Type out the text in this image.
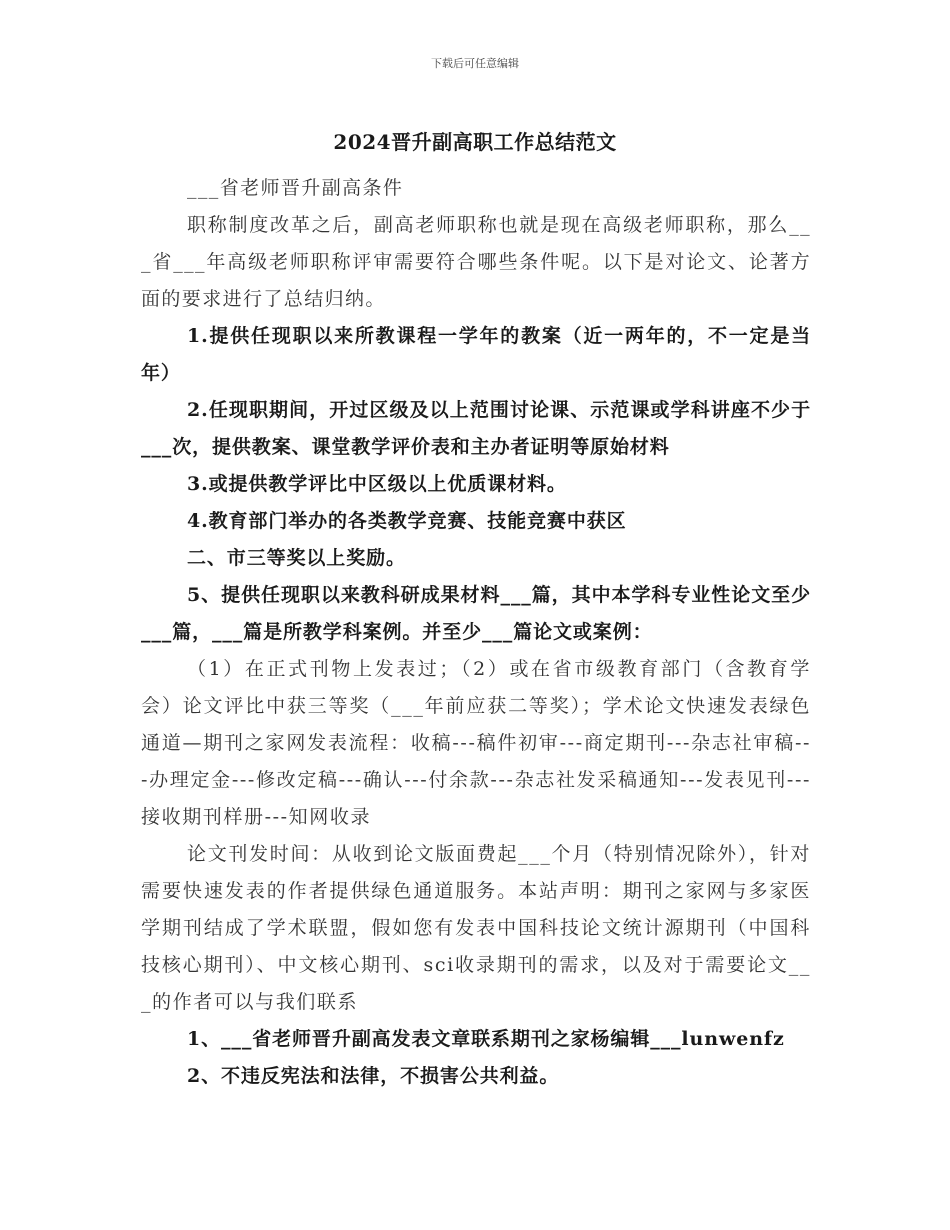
下载后可任意编辑
2024晋升副高职工作总结范文

___省老师晋升副高条件

职称制度改革之后，副高老师职称也就是现在高级老师职称，那么___省___年高级老师职称评审需要符合哪些条件呢。以下是对论文、论著方面的要求进行了总结归纳。

1.提供任现职以来所教课程一学年的教案（近一两年的，不一定是当年）

2.任现职期间，开过区级及以上范围讨论课、示范课或学科讲座不少于___次，提供教案、课堂教学评价表和主办者证明等原始材料

3.或提供教学评比中区级以上优质课材料。

4.教育部门举办的各类教学竞赛、技能竞赛中获区

二、市三等奖以上奖励。

5、提供任现职以来教科研成果材料___篇，其中本学科专业性论文至少___篇，___篇是所教学科案例。并至少___篇论文或案例：

（1）在正式刊物上发表过；（2）或在省市级教育部门（含教育学会）论文评比中获三等奖（___年前应获二等奖）；学术论文快速发表绿色通道—期刊之家网发表流程：收稿---稿件初审---商定期刊---杂志社审稿---办理定金---修改定稿---确认---付余款---杂志社发采稿通知---发表见刊---接收期刊样册---知网收录

论文刊发时间：从收到论文版面费起___个月（特别情况除外），针对需要快速发表的作者提供绿色通道服务。本站声明：期刊之家网与多家医学期刊结成了学术联盟，假如您有发表中国科技论文统计源期刊（中国科技核心期刊）、中文核心期刊、sci收录期刊的需求，以及对于需要论文___的作者可以与我们联系

1、___省老师晋升副高发表文章联系期刊之家杨编辑___lunwenfz

2、不违反宪法和法律，不损害公共利益。
